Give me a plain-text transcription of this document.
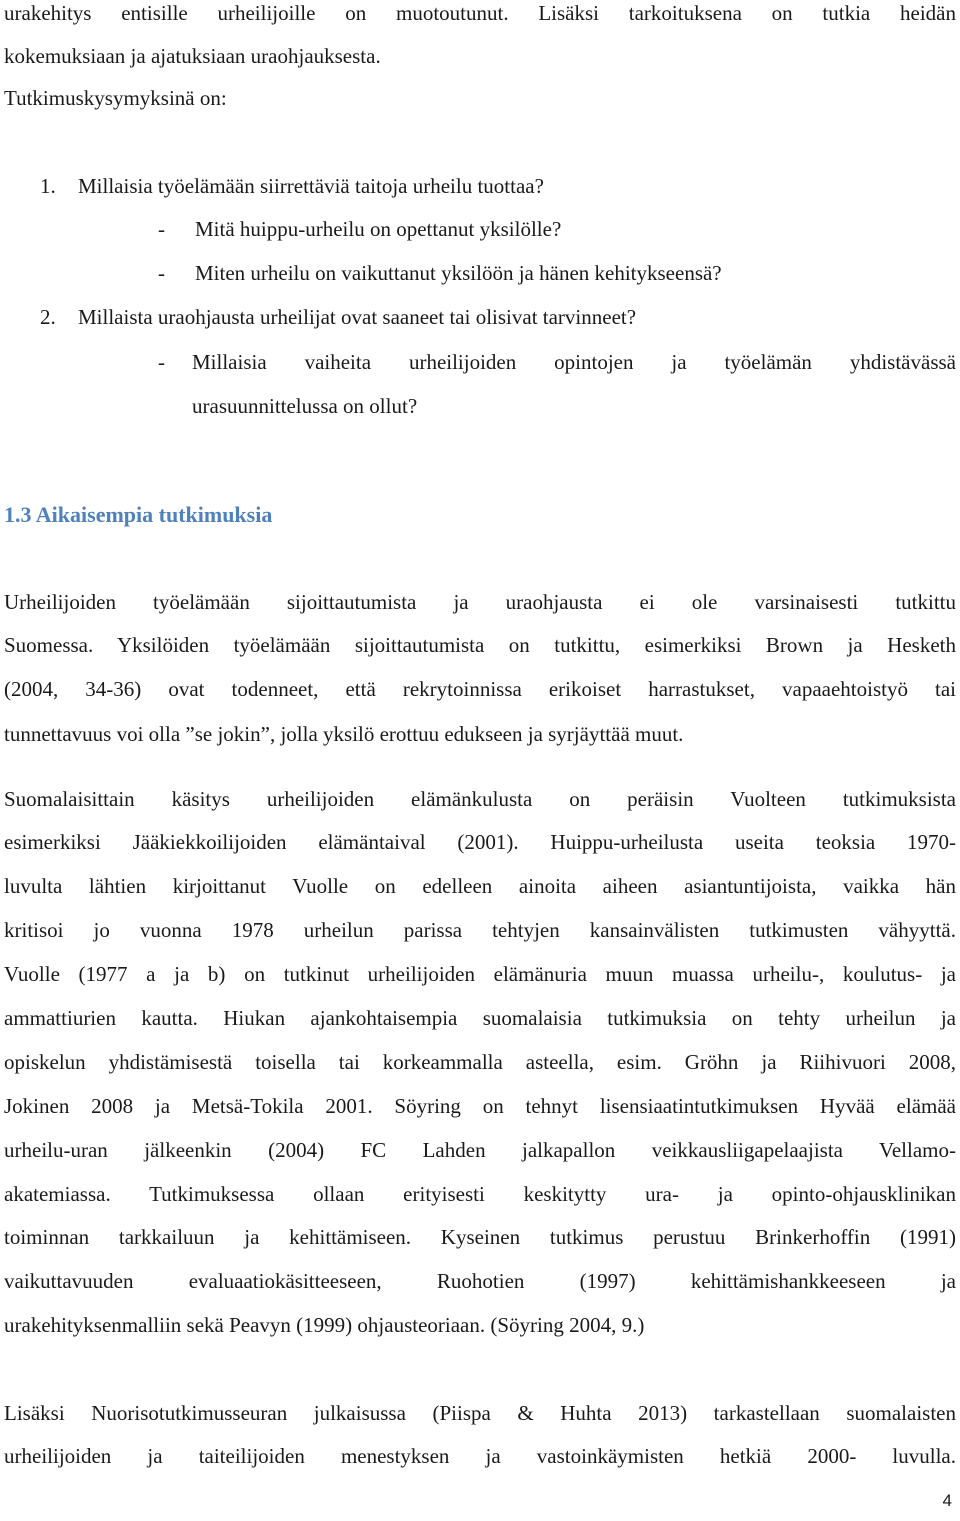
urakehitys entisille urheilijoille on muotoutunut. Lisäksi tarkoituksena on tutkia heidän
kokemuksiaan ja ajatuksiaan uraohjauksesta.
Tutkimuskysymyksinä on:
1.	Millaisia työelämään siirrettäviä taitoja urheilu tuottaa?
-	Mitä huippu-urheilu on opettanut yksilölle?
-	Miten urheilu on vaikuttanut yksilöön ja hänen kehitykseensä?
2.	Millaista uraohjausta urheilijat ovat saaneet tai olisivat tarvinneet?
-	Millaisia vaiheita urheilijoiden opintojen ja työelämän yhdistävässä
urasuunnittelussa on ollut?
1.3 Aikaisempia tutkimuksia
Urheilijoiden työelämään sijoittautumista ja uraohjausta ei ole varsinaisesti tutkittu
Suomessa. Yksilöiden työelämään sijoittautumista on tutkittu, esimerkiksi Brown ja Hesketh
(2004, 34-36) ovat todenneet, että rekrytoinnissa erikoiset harrastukset, vapaaehtoistyö tai
tunnettavuus voi olla ”se jokin”, jolla yksilö erottuu edukseen ja syrjäyttää muut.
Suomalaisittain käsitys urheilijoiden elämänkulusta on peräisin Vuolteen tutkimuksista
esimerkiksi Jääkiekkoilijoiden elämäntaival (2001). Huippu-urheilusta useita teoksia 1970-
luvulta lähtien kirjoittanut Vuolle on edelleen ainoita aiheen asiantuntijoista, vaikka hän
kritisoi jo vuonna 1978 urheilun parissa tehtyjen kansainvälisten tutkimusten vähyyttä.
Vuolle (1977 a ja b) on tutkinut urheilijoiden elämänuria muun muassa urheilu-, koulutus- ja
ammattiurien kautta. Hiukan ajankohtaisempia suomalaisia tutkimuksia on tehty urheilun ja
opiskelun yhdistämisestä toisella tai korkeammalla asteella, esim. Gröhn ja Riihivuori 2008,
Jokinen 2008 ja Metsä-Tokila 2001. Söyring on tehnyt lisensiaatintutkimuksen Hyvää elämää
urheilu-uran jälkeenkin (2004) FC Lahden jalkapallon veikkausliigapelaajista Vellamo-
akatemiassa. Tutkimuksessa ollaan erityisesti keskitytty ura- ja opinto-ohjausklinikan
toiminnan tarkkailuun ja kehittämiseen. Kyseinen tutkimus perustuu Brinkerhoffin (1991)
vaikuttavuuden evaluaatiokäsitteeseen, Ruohotien (1997) kehittämishankkeeseen ja
urakehityksenmalliin sekä Peavyn (1999) ohjausteoriaan. (Söyring 2004, 9.)
Lisäksi Nuorisotutkimusseuran julkaisussa (Piispa & Huhta 2013) tarkastellaan suomalaisten
urheilijoiden ja taiteilijoiden menestyksen ja vastoinkäymisten hetkiä 2000- luvulla.
4
